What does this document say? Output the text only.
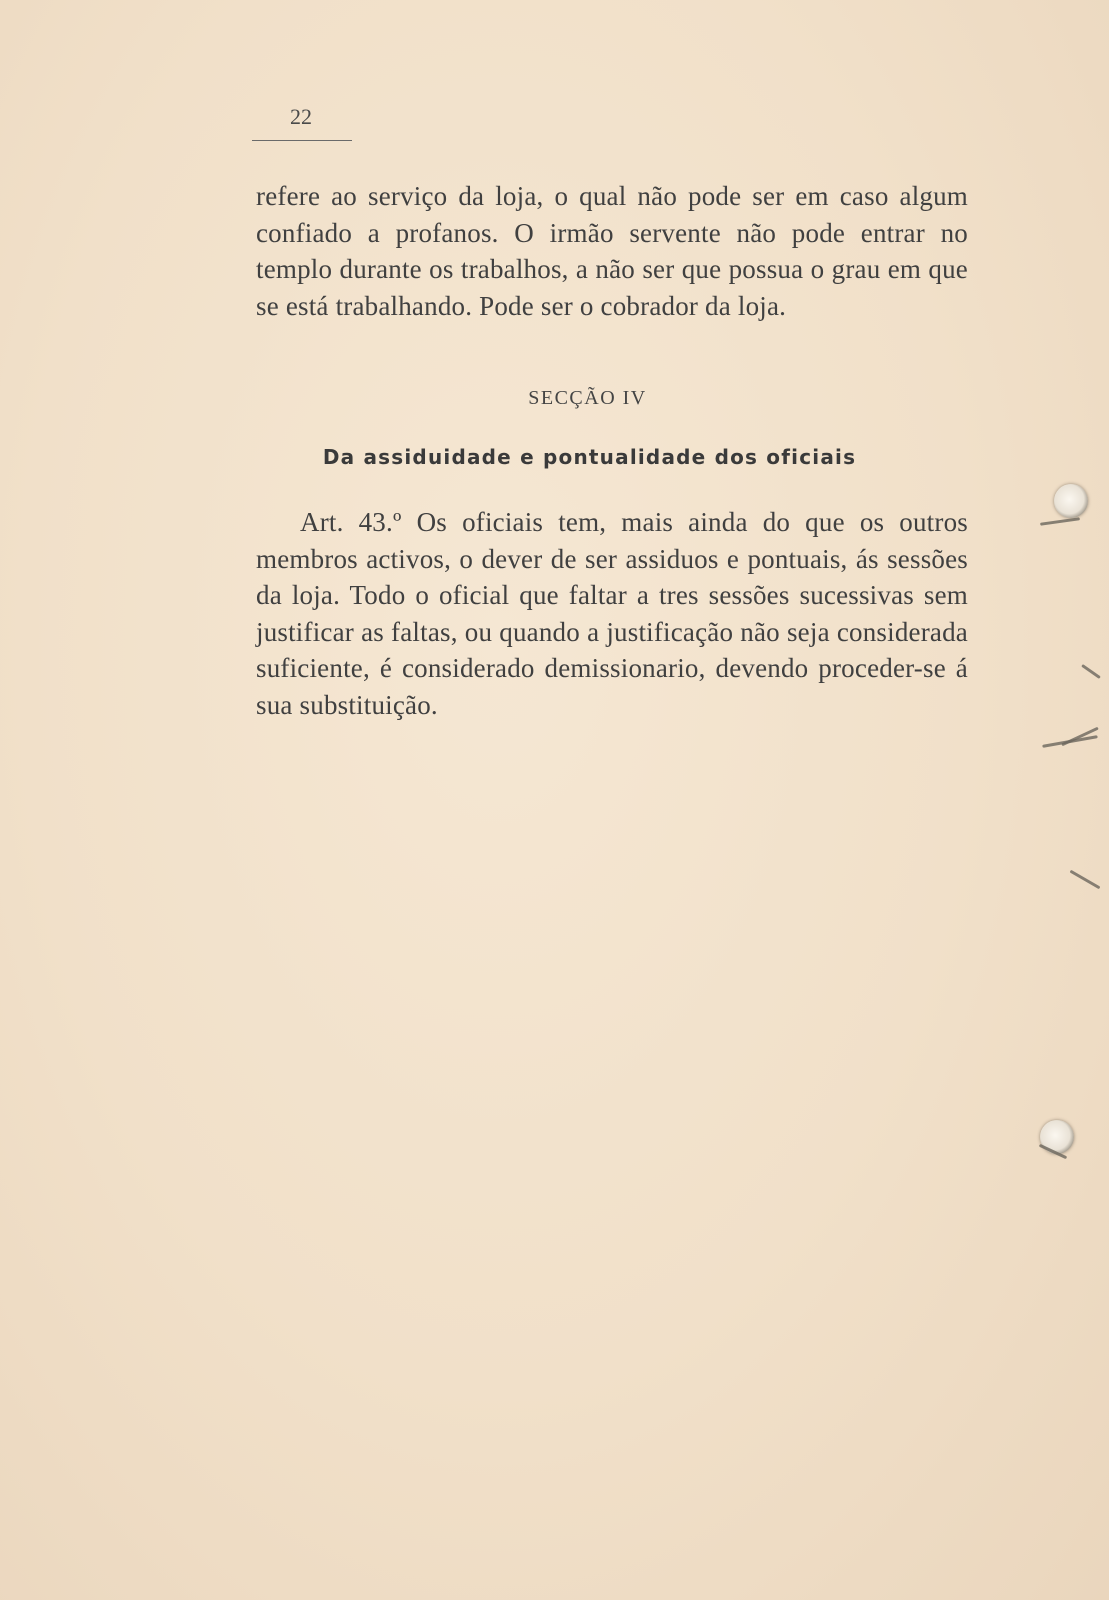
22

refere ao serviço da loja, o qual não pode ser em caso algum confiado a profanos. O irmão servente não pode entrar no templo durante os trabalhos, a não ser que possua o grau em que se está trabalhando. Pode ser o cobrador da loja.

SECÇÃO IV
Da assiduidade e pontualidade dos oficiais

Art. 43.º Os oficiais tem, mais ainda do que os outros membros activos, o dever de ser assiduos e pontuais, ás sessões da loja. Todo o oficial que faltar a tres sessões sucessivas sem justificar as faltas, ou quando a justificação não seja considerada suficiente, é considerado demissionario, devendo proceder-se á sua substituição.
